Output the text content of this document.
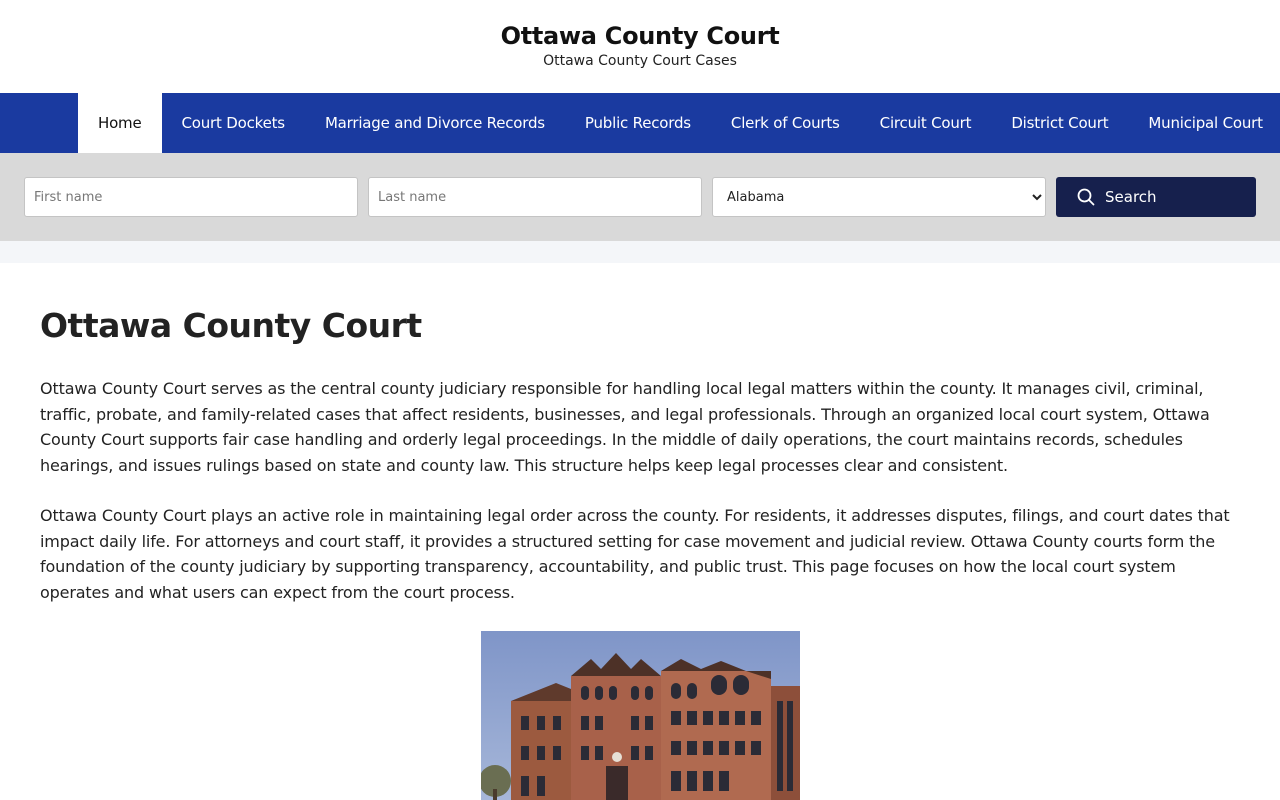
Ottawa County Court
Ottawa County Court Cases
Home	Court Dockets	Marriage and Divorce Records	Public Records	Clerk of Courts	Circuit Court	District Court	Municipal Court
First name
Last name
Alabama
Search
Ottawa County Court

Ottawa County Court serves as the central county judiciary responsible for handling local legal matters within the county. It manages civil, criminal, traffic, probate, and family-related cases that affect residents, businesses, and legal professionals. Through an organized local court system, Ottawa County Court supports fair case handling and orderly legal proceedings. In the middle of daily operations, the court maintains records, schedules hearings, and issues rulings based on state and county law. This structure helps keep legal processes clear and consistent.

Ottawa County Court plays an active role in maintaining legal order across the county. For residents, it addresses disputes, filings, and court dates that impact daily life. For attorneys and court staff, it provides a structured setting for case movement and judicial review. Ottawa County courts form the foundation of the county judiciary by supporting transparency, accountability, and public trust. This page focuses on how the local court system operates and what users can expect from the court process.
